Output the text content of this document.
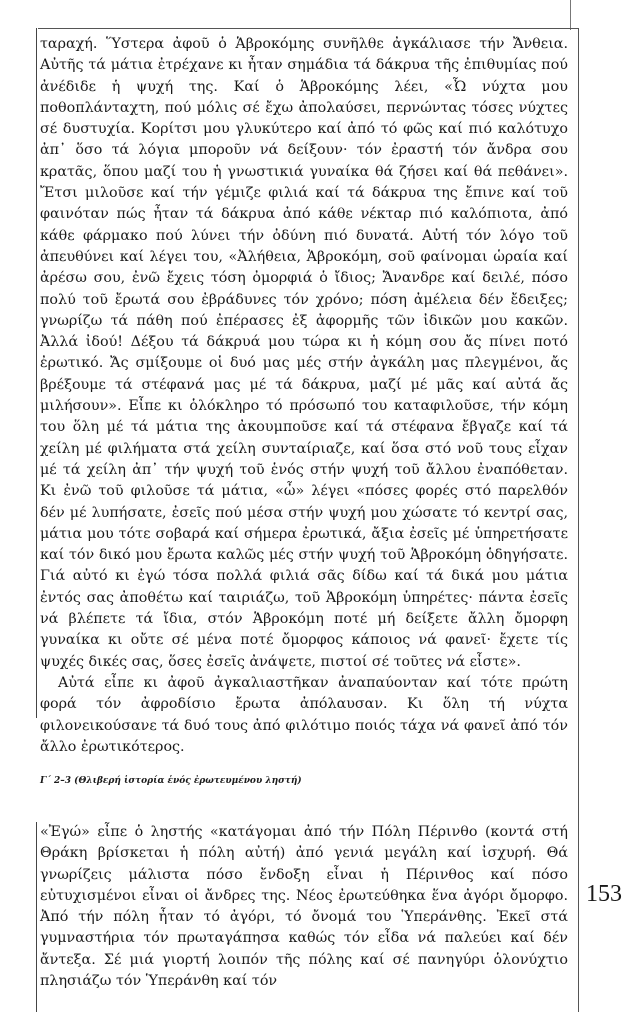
ταραχή. Ὕστερα ἀφοῦ ὁ Ἁβροκόμης συνῆλθε ἀγκάλιασε τήν Ἄνθεια. Αὐτῆς τά μάτια ἐτρέχανε κι ἦταν σημάδια τά δάκρυα τῆς ἐπιθυμίας πού ἀνέδιδε ἡ ψυχή της. Καί ὁ Ἁβροκόμης λέει, «Ὦ νύχτα μου ποθοπλάνταχτη, πού μόλις σέ ἔχω ἀπολαύσει, περνώντας τόσες νύχτες σέ δυστυχία. Κορίτσι μου γλυκύτερο καί ἀπό τό φῶς καί πιό καλότυχο ἀπ᾿ ὅσο τά λόγια μποροῦν νά δείξουν· τόν ἐραστή τόν ἄνδρα σου κρατᾶς, ὅπου μαζί του ἡ γνωστικιά γυναίκα θά ζήσει καί θά πεθάνει». Ἔτσι μιλοῦσε καί τήν γέμιζε φιλιά καί τά δάκρυα της ἔπινε καί τοῦ φαινόταν πώς ἦταν τά δάκρυα ἀπό κάθε νέκταρ πιό καλόπιοτα, ἀπό κάθε φάρμακο πού λύνει τήν ὀδύνη πιό δυνατά. Αὐτή τόν λόγο τοῦ ἀπευθύνει καί λέγει του, «Ἀλήθεια, Ἁβροκόμη, σοῦ φαίνομαι ὡραία καί ἀρέσω σου, ἐνῶ ἔχεις τόση ὀμορφιά ὁ ἴδιος; Ἄνανδρε καί δειλέ, πόσο πολύ τοῦ ἔρωτά σου ἐβράδυνες τόν χρόνο; πόση ἀμέλεια δέν ἔδειξες; γνωρίζω τά πάθη πού ἐπέρασες ἐξ ἀφορμῆς τῶν ἰδικῶν μου κακῶν. Ἀλλά ἰδού! Δέξου τά δάκρυά μου τώρα κι ἡ κόμη σου ἄς πίνει ποτό ἐρωτικό. Ἄς σμίξουμε οἱ δυό μας μές στήν ἀγκάλη μας πλεγμένοι, ἄς βρέξουμε τά στέφανά μας μέ τά δάκρυα, μαζί μέ μᾶς καί αὐτά ἄς μιλήσουν». Εἶπε κι ὁλόκληρο τό πρόσωπό του καταφιλοῦσε, τήν κόμη του ὅλη μέ τά μάτια της ἀκουμποῦσε καί τά στέφανα ἔβγαζε καί τά χείλη μέ φιλήματα στά χείλη συνταίριαζε, καί ὅσα στό νοῦ τους εἶχαν μέ τά χείλη ἀπ᾿ τήν ψυχή τοῦ ἑνός στήν ψυχή τοῦ ἄλλου ἐναπόθεταν. Κι ἐνῶ τοῦ φιλοῦσε τά μάτια, «ὦ» λέγει «πόσες φορές στό παρελθόν δέν μέ λυπήσατε, ἐσεῖς πού μέσα στήν ψυχή μου χώσατε τό κεντρί σας, μάτια μου τότε σοβαρά καί σήμερα ἐρωτικά, ἄξια ἐσεῖς μέ ὑπηρετήσατε καί τόν δικό μου ἔρωτα καλῶς μές στήν ψυχή τοῦ Ἁβροκόμη ὁδηγήσατε. Γιά αὐτό κι ἐγώ τόσα πολλά φιλιά σᾶς δίδω καί τά δικά μου μάτια ἐντός σας ἀποθέτω καί ταιριάζω, τοῦ Ἁβροκόμη ὑπηρέτες· πάντα ἐσεῖς νά βλέπετε τά ἴδια, στόν Ἁβροκόμη ποτέ μή δείξετε ἄλλη ὄμορφη γυναίκα κι οὔτε σέ μένα ποτέ ὄμορφος κάποιος νά φανεῖ· ἔχετε τίς ψυχές δικές σας, ὅσες ἐσεῖς ἀνάψετε, πιστοί σέ τοῦτες νά εἶστε».

Αὐτά εἶπε κι ἀφοῦ ἀγκαλιαστῆκαν ἀναπαύονταν καί τότε πρώτη φορά τόν ἀφροδίσιο ἔρωτα ἀπόλαυσαν. Κι ὅλη τή νύχτα φιλονεικούσανε τά δυό τους ἀπό φιλότιμο ποιός τάχα νά φανεῖ ἀπό τόν ἄλλο ἐρωτικότερος.

Γ΄ 2–3 (Θλιβερή ἱστορία ἑνός ἐρωτευμένου ληστή)

«Ἐγώ» εἶπε ὁ ληστής «κατάγομαι ἀπό τήν Πόλη Πέρινθο (κοντά στή Θράκη βρίσκεται ἡ πόλη αὐτή) ἀπό γενιά μεγάλη καί ἰσχυρή. Θά γνωρίζεις μάλιστα πόσο ἔνδοξη εἶναι ἡ Πέρινθος καί πόσο εὐτυχισμένοι εἶναι οἱ ἄνδρες της. Νέος ἐρωτεύθηκα ἕνα ἀγόρι ὄμορφο. Ἀπό τήν πόλη ἦταν τό ἀγόρι, τό ὄνομά του Ὑπεράνθης. Ἐκεῖ στά γυμναστήρια τόν πρωταγάπησα καθώς τόν εἶδα νά παλεύει καί δέν ἄντεξα. Σέ μιά γιορτή λοιπόν τῆς πόλης καί σέ πανηγύρι ὁλονύχτιο πλησιάζω τόν Ὑπεράνθη καί τόν

153
